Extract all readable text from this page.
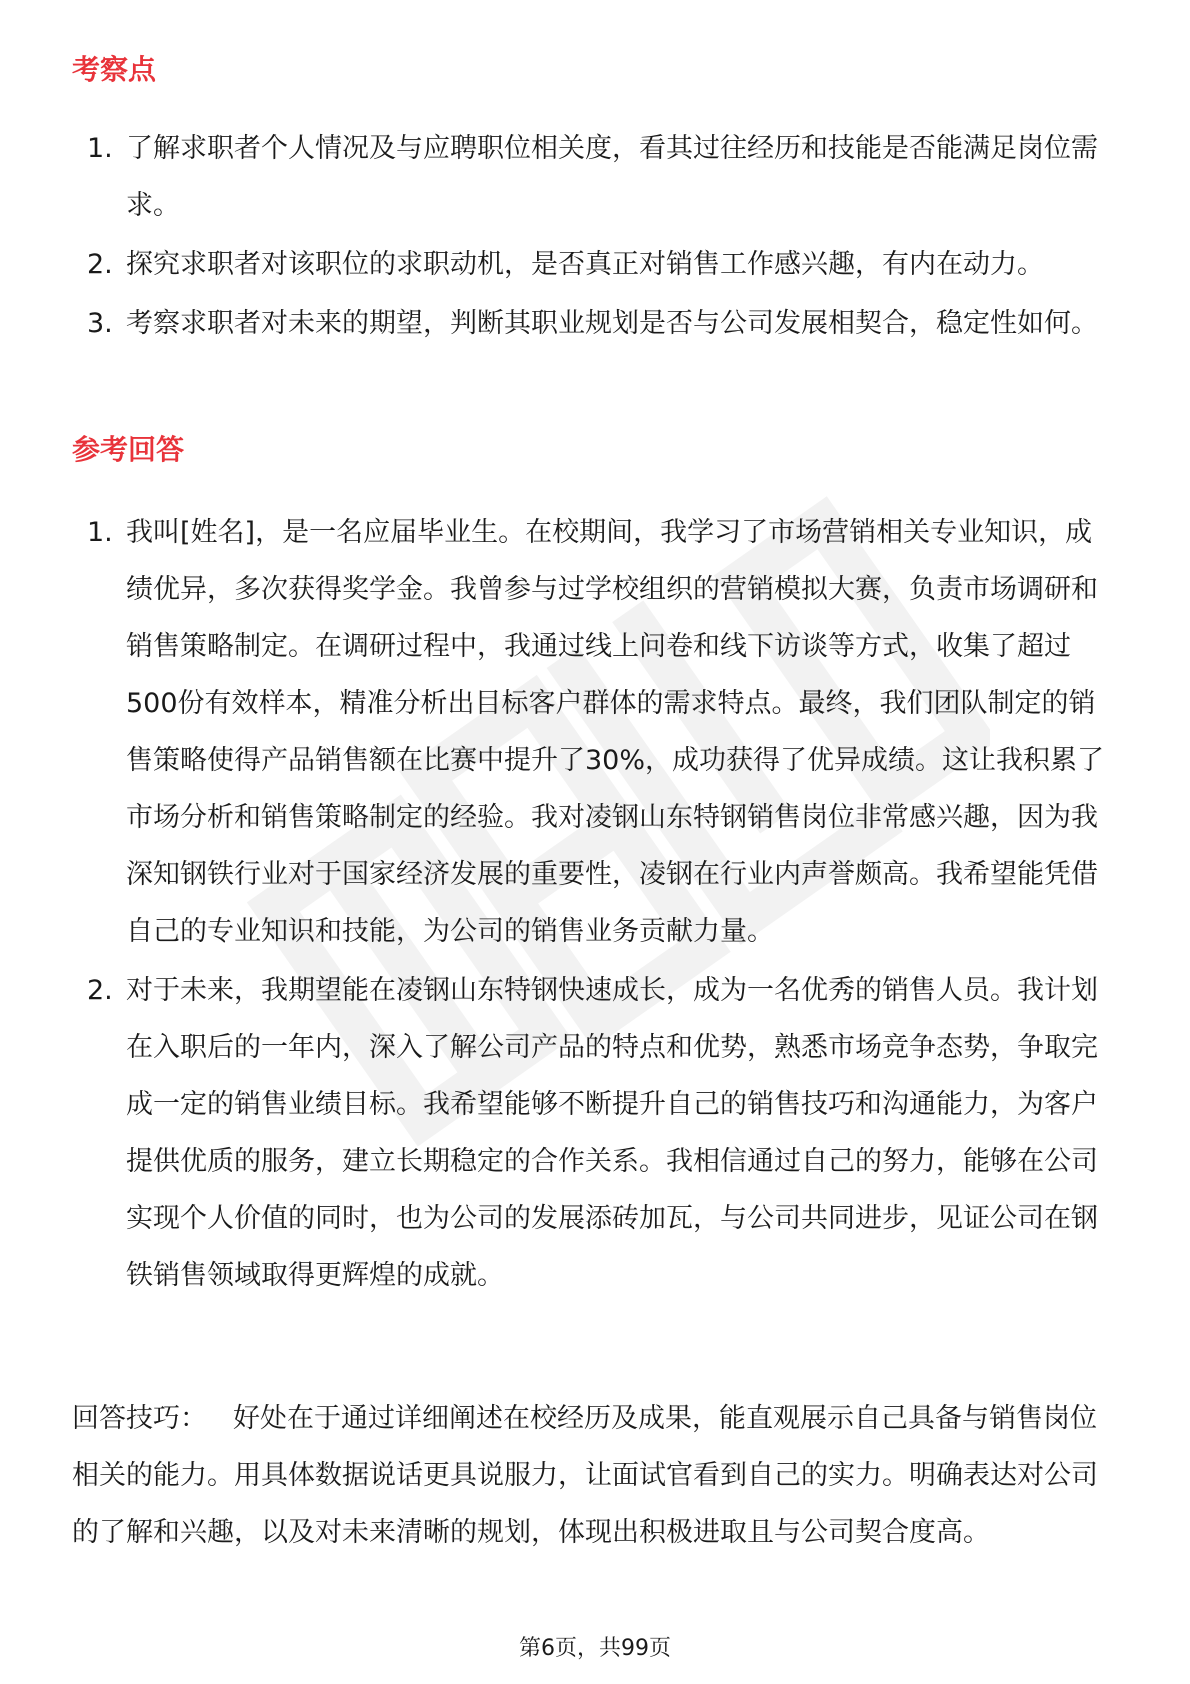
考察点
1. 了解求职者个人情况及与应聘职位相关度，看其过往经历和技能是否能满足岗位需求。
2. 探究求职者对该职位的求职动机，是否真正对销售工作感兴趣，有内在动力。
3. 考察求职者对未来的期望，判断其职业规划是否与公司发展相契合，稳定性如何。
参考回答
1. 我叫[姓名]，是一名应届毕业生。在校期间，我学习了市场营销相关专业知识，成绩优异，多次获得奖学金。我曾参与过学校组织的营销模拟大赛，负责市场调研和销售策略制定。在调研过程中，我通过线上问卷和线下访谈等方式，收集了超过500份有效样本，精准分析出目标客户群体的需求特点。最终，我们团队制定的销售策略使得产品销售额在比赛中提升了30%，成功获得了优异成绩。这让我积累了市场分析和销售策略制定的经验。我对凌钢山东特钢销售岗位非常感兴趣，因为我深知钢铁行业对于国家经济发展的重要性，凌钢在行业内声誉颇高。我希望能凭借自己的专业知识和技能，为公司的销售业务贡献力量。
2. 对于未来，我期望能在凌钢山东特钢快速成长，成为一名优秀的销售人员。我计划在入职后的一年内，深入了解公司产品的特点和优势，熟悉市场竞争态势，争取完成一定的销售业绩目标。我希望能够不断提升自己的销售技巧和沟通能力，为客户提供优质的服务，建立长期稳定的合作关系。我相信通过自己的努力，能够在公司实现个人价值的同时，也为公司的发展添砖加瓦，与公司共同进步，见证公司在钢铁销售领域取得更辉煌的成就。

回答技巧： 好处在于通过详细阐述在校经历及成果，能直观展示自己具备与销售岗位相关的能力。用具体数据说话更具说服力，让面试官看到自己的实力。明确表达对公司的了解和兴趣，以及对未来清晰的规划，体现出积极进取且与公司契合度高。

第6页，共99页
